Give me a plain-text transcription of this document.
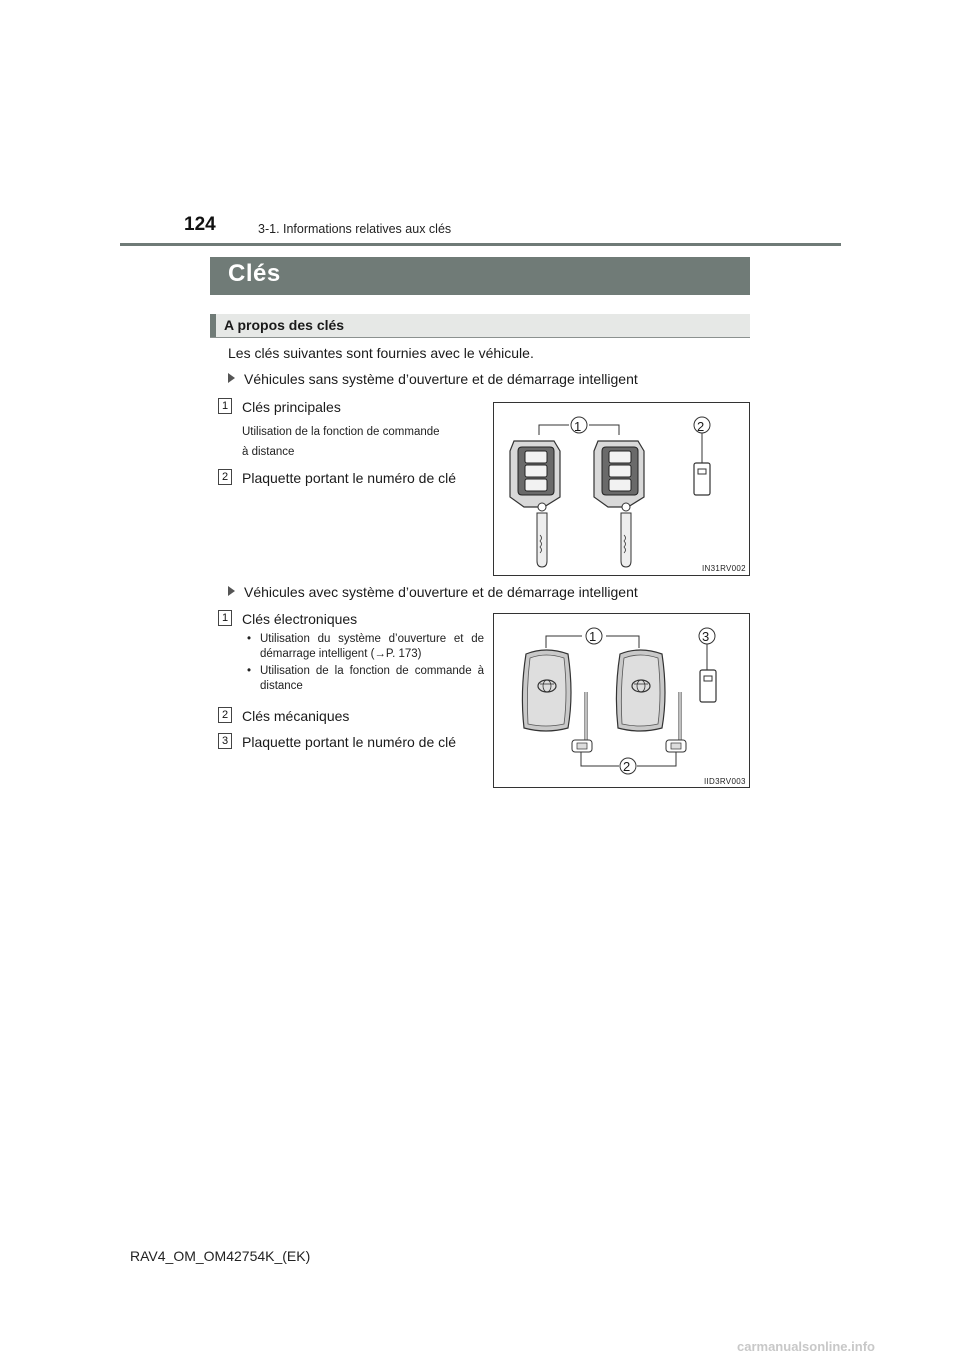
124	3-1. Informations relatives aux clés
Clés
A propos des clés
Les clés suivantes sont fournies avec le véhicule.
Véhicules sans système d’ouverture et de démarrage intelligent
1 Clés principales
Utilisation de la fonction de commande
à distance
2 Plaquette portant le numéro de clé
1	2
IN31RV002
Véhicules avec système d’ouverture et de démarrage intelligent
1 Clés électroniques
• Utilisation du système d’ouverture et de démarrage intelligent (→P. 173)
• Utilisation de la fonction de commande à distance
2 Clés mécaniques
3 Plaquette portant le numéro de clé
1	3
2
IID3RV003
RAV4_OM_OM42754K_(EK)
carmanualsonline.info
